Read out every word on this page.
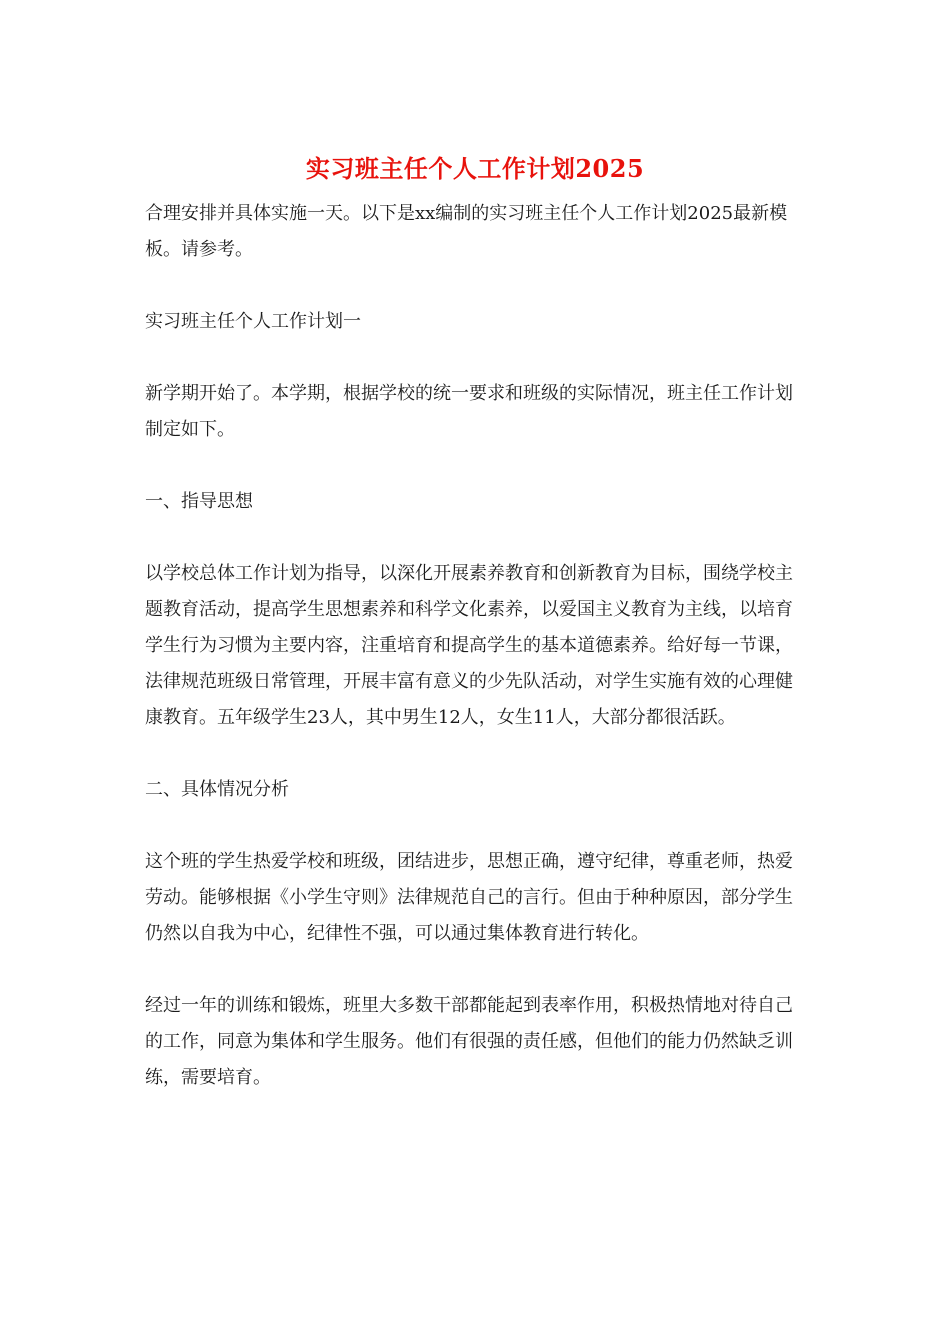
实习班主任个人工作计划2025

合理安排并具体实施一天。以下是xx编制的实习班主任个人工作计划2025最新模板。请参考。

实习班主任个人工作计划一

新学期开始了。本学期，根据学校的统一要求和班级的实际情况，班主任工作计划制定如下。

一、指导思想

以学校总体工作计划为指导，以深化开展素养教育和创新教育为目标，围绕学校主题教育活动，提高学生思想素养和科学文化素养，以爱国主义教育为主线，以培育学生行为习惯为主要内容，注重培育和提高学生的基本道德素养。给好每一节课，法律规范班级日常管理，开展丰富有意义的少先队活动，对学生实施有效的心理健康教育。五年级学生23人，其中男生12人，女生11人，大部分都很活跃。

二、具体情况分析

这个班的学生热爱学校和班级，团结进步，思想正确，遵守纪律，尊重老师，热爱劳动。能够根据《小学生守则》法律规范自己的言行。但由于种种原因，部分学生仍然以自我为中心，纪律性不强，可以通过集体教育进行转化。

经过一年的训练和锻炼，班里大多数干部都能起到表率作用，积极热情地对待自己的工作，同意为集体和学生服务。他们有很强的责任感，但他们的能力仍然缺乏训练，需要培育。
